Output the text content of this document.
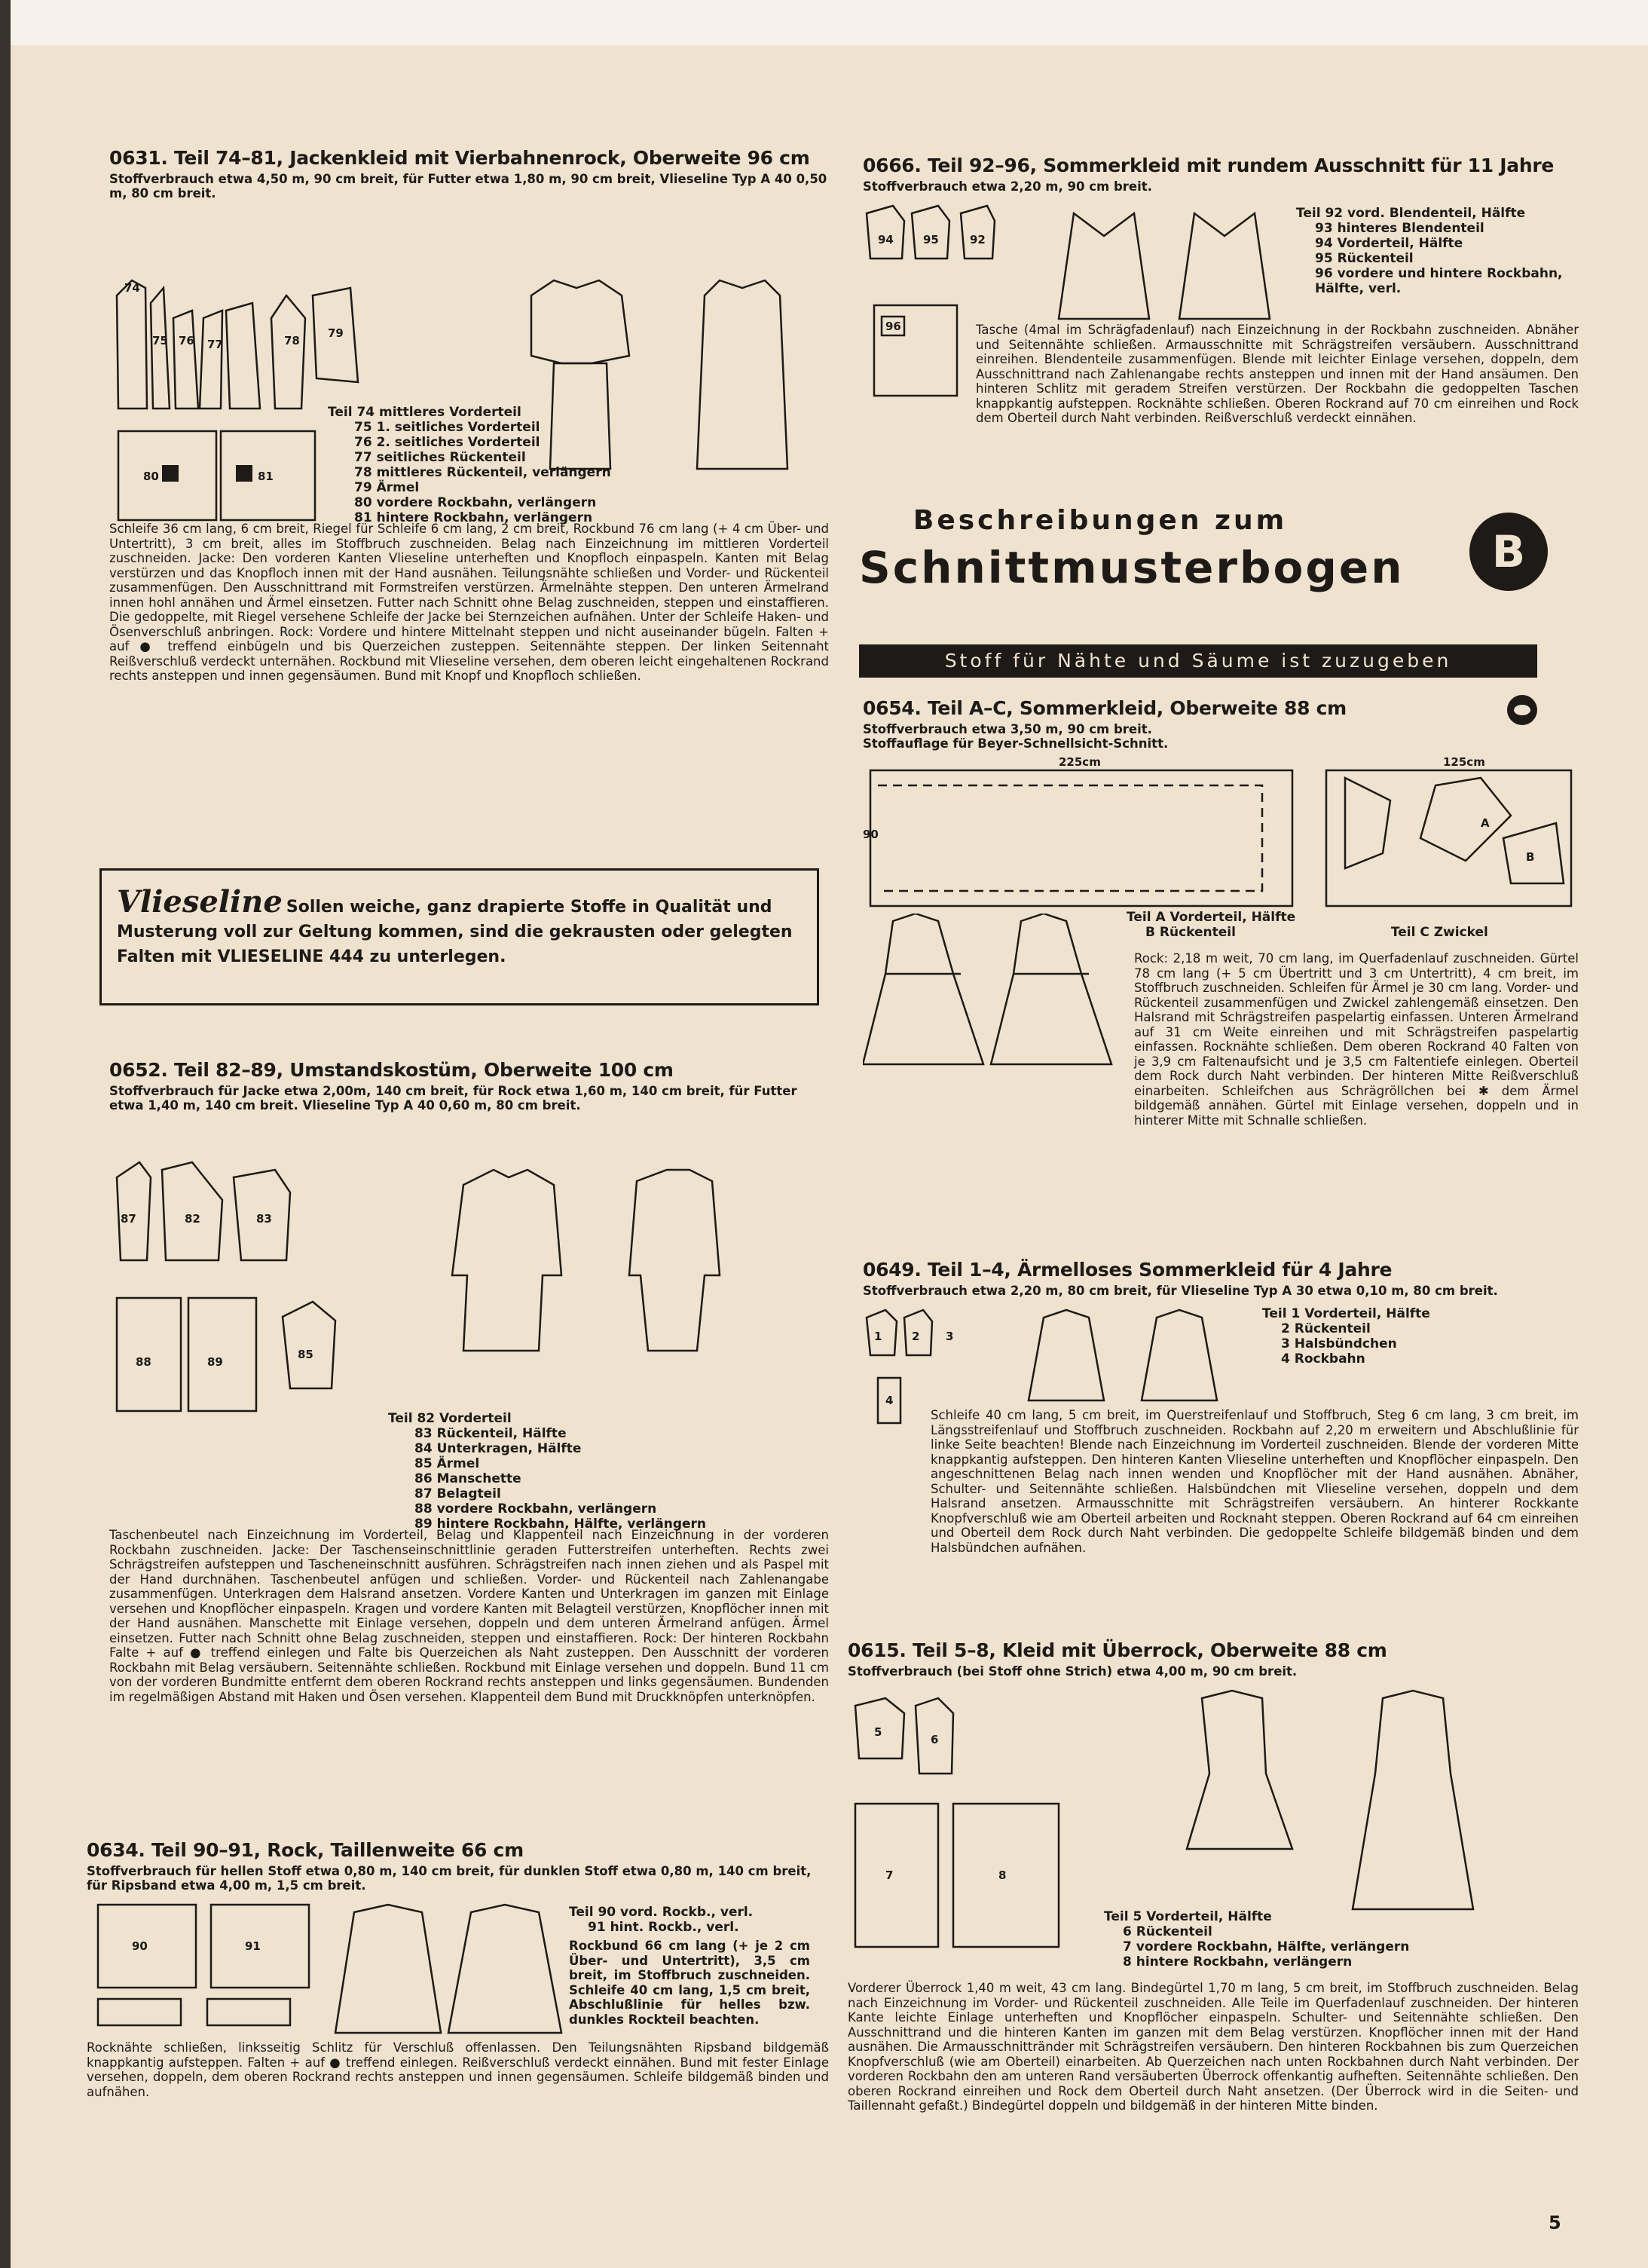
0631. Teil 74–81, Jackenkleid mit Vierbahnenrock, Oberweite 96 cm

Stoffverbrauch etwa 4,50 m, 90 cm breit, für Futter etwa 1,80 m, 90 cm breit, Vlieseline Typ A 40 0,50 m, 80 cm breit.

74
75 76 77	78
79
80	81
Teil 74 mittleres Vorderteil
75 1. seitliches Vorderteil
76 2. seitliches Vorderteil
77 seitliches Rückenteil
78 mittleres Rückenteil, verlängern
79 Ärmel
80 vordere Rockbahn, verlängern
81 hintere Rockbahn, verlängern

Schleife 36 cm lang, 6 cm breit, Riegel für Schleife 6 cm lang, 2 cm breit, Rockbund 76 cm lang (+ 4 cm Über- und Untertritt), 3 cm breit, alles im Stoffbruch zuschneiden. Belag nach Einzeichnung im mittleren Vorderteil zuschneiden. Jacke: Den vorderen Kanten Vlieseline unterheften und Knopfloch einpaspeln. Kanten mit Belag verstürzen und das Knopfloch innen mit der Hand ausnähen. Teilungsnähte schließen und Vorder- und Rückenteil zusammenfügen. Den Ausschnittrand mit Formstreifen verstürzen. Ärmelnähte steppen. Den unteren Ärmelrand innen hohl annähen und Ärmel einsetzen. Futter nach Schnitt ohne Belag zuschneiden, steppen und einstaffieren. Die gedoppelte, mit Riegel versehene Schleife der Jacke bei Sternzeichen aufnähen. Unter der Schleife Haken- und Ösenverschluß anbringen. Rock: Vordere und hintere Mittelnaht steppen und nicht auseinander bügeln. Falten + auf ● treffend einbügeln und bis Querzeichen zusteppen. Seitennähte steppen. Der linken Seitennaht Reißverschluß verdeckt unternähen. Rockbund mit Vlieseline versehen, dem oberen leicht eingehaltenen Rockrand rechts ansteppen und innen gegensäumen. Bund mit Knopf und Knopfloch schließen.

Vlieseline Sollen weiche, ganz drapierte Stoffe in Qualität und Musterung voll zur Geltung kommen, sind die gekrausten oder gelegten Falten mit VLIESELINE 444 zu unterlegen.
0652. Teil 82–89, Umstandskostüm, Oberweite 100 cm

Stoffverbrauch für Jacke etwa 2,00m, 140 cm breit, für Rock etwa 1,60 m, 140 cm breit, für Futter etwa 1,40 m, 140 cm breit. Vlieseline Typ A 40 0,60 m, 80 cm breit.

87	82	83
88	89
85
Teil 82 Vorderteil
83 Rückenteil, Hälfte
84 Unterkragen, Hälfte
85 Ärmel
86 Manschette
87 Belagteil
88 vordere Rockbahn, verlängern
89 hintere Rockbahn, Hälfte, verlängern

Taschenbeutel nach Einzeichnung im Vorderteil, Belag und Klappenteil nach Einzeichnung in der vorderen Rockbahn zuschneiden. Jacke: Der Taschenseinschnittlinie geraden Futterstreifen unterheften. Rechts zwei Schrägstreifen aufsteppen und Tascheneinschnitt ausführen. Schrägstreifen nach innen ziehen und als Paspel mit der Hand durchnähen. Taschenbeutel anfügen und schließen. Vorder- und Rückenteil nach Zahlenangabe zusammenfügen. Unterkragen dem Halsrand ansetzen. Vordere Kanten und Unterkragen im ganzen mit Einlage versehen und Knopflöcher einpaspeln. Kragen und vordere Kanten mit Belagteil verstürzen, Knopflöcher innen mit der Hand ausnähen. Manschette mit Einlage versehen, doppeln und dem unteren Ärmelrand anfügen. Ärmel einsetzen. Futter nach Schnitt ohne Belag zuschneiden, steppen und einstaffieren. Rock: Der hinteren Rockbahn Falte + auf ● treffend einlegen und Falte bis Querzeichen als Naht zusteppen. Den Ausschnitt der vorderen Rockbahn mit Belag versäubern. Seitennähte schließen. Rockbund mit Einlage versehen und doppeln. Bund 11 cm von der vorderen Bundmitte entfernt dem oberen Rockrand rechts ansteppen und links gegensäumen. Bundenden im regelmäßigen Abstand mit Haken und Ösen versehen. Klappenteil dem Bund mit Druckknöpfen unterknöpfen.

0634. Teil 90–91, Rock, Taillenweite 66 cm

Stoffverbrauch für hellen Stoff etwa 0,80 m, 140 cm breit, für dunklen Stoff etwa 0,80 m, 140 cm breit, für Ripsband etwa 4,00 m, 1,5 cm breit.

90	91
Teil 90 vord. Rockb., verl.
91 hint. Rockb., verl.

Rockbund 66 cm lang (+ je 2 cm Über- und Untertritt), 3,5 cm breit, im Stoffbruch zuschneiden. Schleife 40 cm lang, 1,5 cm breit, Abschlußlinie für helles bzw. dunkles Rockteil beachten.

Rocknähte schließen, linksseitig Schlitz für Verschluß offenlassen. Den Teilungsnähten Ripsband bildgemäß knappkantig aufsteppen. Falten + auf ● treffend einlegen. Reißverschluß verdeckt einnähen. Bund mit fester Einlage versehen, doppeln, dem oberen Rockrand rechts ansteppen und innen gegensäumen. Schleife bildgemäß binden und aufnähen.

0666. Teil 92–96, Sommerkleid mit rundem Ausschnitt für 11 Jahre

Stoffverbrauch etwa 2,20 m, 90 cm breit.

94	95	92
Teil 92 vord. Blendenteil, Hälfte
93 hinteres Blendenteil
94 Vorderteil, Hälfte
95 Rückenteil
96 vordere und hintere Rockbahn, Hälfte, verl.
96	Tasche (4mal im Schrägfadenlauf) nach Einzeichnung in der Rockbahn zuschneiden. Abnäher und Seitennähte schließen. Armausschnitte mit Schrägstreifen versäubern. Ausschnittrand einreihen. Blendenteile zusammenfügen. Blende mit leichter Einlage versehen, doppeln, dem Ausschnittrand nach Zahlenangabe rechts ansteppen und innen mit der Hand ansäumen. Den hinteren Schlitz mit geradem Streifen verstürzen. Der Rockbahn die gedoppelten Taschen knappkantig aufsteppen. Rocknähte schließen. Oberen Rockrand auf 70 cm einreihen und Rock dem Oberteil durch Naht verbinden. Reißverschluß verdeckt einnähen.

Beschreibungen zum
Schnittmusterbogen	B
Stoff für Nähte und Säume ist zuzugeben
0654. Teil A–C, Sommerkleid, Oberweite 88 cm

Stoffverbrauch etwa 3,50 m, 90 cm breit.

Stoffauflage für Beyer-Schnellsicht-Schnitt.

225cm	125cm
90
A
B
Teil A Vorderteil, Hälfte
B Rückenteil	Teil C Zwickel

Rock: 2,18 m weit, 70 cm lang, im Querfadenlauf zuschneiden. Gürtel 78 cm lang (+ 5 cm Übertritt und 3 cm Untertritt), 4 cm breit, im Stoffbruch zuschneiden. Schleifen für Ärmel je 30 cm lang. Vorder- und Rückenteil zusammenfügen und Zwickel zahlengemäß einsetzen. Den Halsrand mit Schrägstreifen paspelartig einfassen. Unteren Ärmelrand auf 31 cm Weite einreihen und mit Schrägstreifen paspelartig einfassen. Rocknähte schließen. Dem oberen Rockrand 40 Falten von je 3,9 cm Faltenaufsicht und je 3,5 cm Faltentiefe einlegen. Oberteil dem Rock durch Naht verbinden. Der hinteren Mitte Reißverschluß einarbeiten. Schleifchen aus Schrägröllchen bei ✱ dem Ärmel bildgemäß annähen. Gürtel mit Einlage versehen, doppeln und in hinterer Mitte mit Schnalle schließen.

0649. Teil 1–4, Ärmelloses Sommerkleid für 4 Jahre

Stoffverbrauch etwa 2,20 m, 80 cm breit, für Vlieseline Typ A 30 etwa 0,10 m, 80 cm breit.

1	2 3
4
Teil 1 Vorderteil, Hälfte
2 Rückenteil
3 Halsbündchen
4 Rockbahn

Schleife 40 cm lang, 5 cm breit, im Querstreifenlauf und Stoffbruch, Steg 6 cm lang, 3 cm breit, im Längsstreifenlauf und Stoffbruch zuschneiden. Rockbahn auf 2,20 m erweitern und Abschlußlinie für linke Seite beachten! Blende nach Einzeichnung im Vorderteil zuschneiden. Blende der vorderen Mitte knappkantig aufsteppen. Den hinteren Kanten Vlieseline unterheften und Knopflöcher einpaspeln. Den angeschnittenen Belag nach innen wenden und Knopflöcher mit der Hand ausnähen. Abnäher, Schulter- und Seitennähte schließen. Halsbündchen mit Vlieseline versehen, doppeln und dem Halsrand ansetzen. Armausschnitte mit Schrägstreifen versäubern. An hinterer Rockkante Knopfverschluß wie am Oberteil arbeiten und Rocknaht steppen. Oberen Rockrand auf 64 cm einreihen und Oberteil dem Rock durch Naht verbinden. Die gedoppelte Schleife bildgemäß binden und dem Halsbündchen aufnähen.

0615. Teil 5–8, Kleid mit Überrock, Oberweite 88 cm

Stoffverbrauch (bei Stoff ohne Strich) etwa 4,00 m, 90 cm breit.

5
6
7	8
Teil 5 Vorderteil, Hälfte
6 Rückenteil
7 vordere Rockbahn, Hälfte, verlängern
8 hintere Rockbahn, verlängern

Vorderer Überrock 1,40 m weit, 43 cm lang. Bindegürtel 1,70 m lang, 5 cm breit, im Stoffbruch zuschneiden. Belag nach Einzeichnung im Vorder- und Rückenteil zuschneiden. Alle Teile im Querfadenlauf zuschneiden. Der hinteren Kante leichte Einlage unterheften und Knopflöcher einpaspeln. Schulter- und Seitennähte schließen. Den Ausschnittrand und die hinteren Kanten im ganzen mit dem Belag verstürzen. Knopflöcher innen mit der Hand ausnähen. Die Armausschnittränder mit Schrägstreifen versäubern. Den hinteren Rockbahnen bis zum Querzeichen Knopfverschluß (wie am Oberteil) einarbeiten. Ab Querzeichen nach unten Rockbahnen durch Naht verbinden. Der vorderen Rockbahn den am unteren Rand versäuberten Überrock offenkantig aufheften. Seitennähte schließen. Den oberen Rockrand einreihen und Rock dem Oberteil durch Naht ansetzen. (Der Überrock wird in die Seiten- und Taillennaht gefaßt.) Bindegürtel doppeln und bildgemäß in der hinteren Mitte binden.

5
